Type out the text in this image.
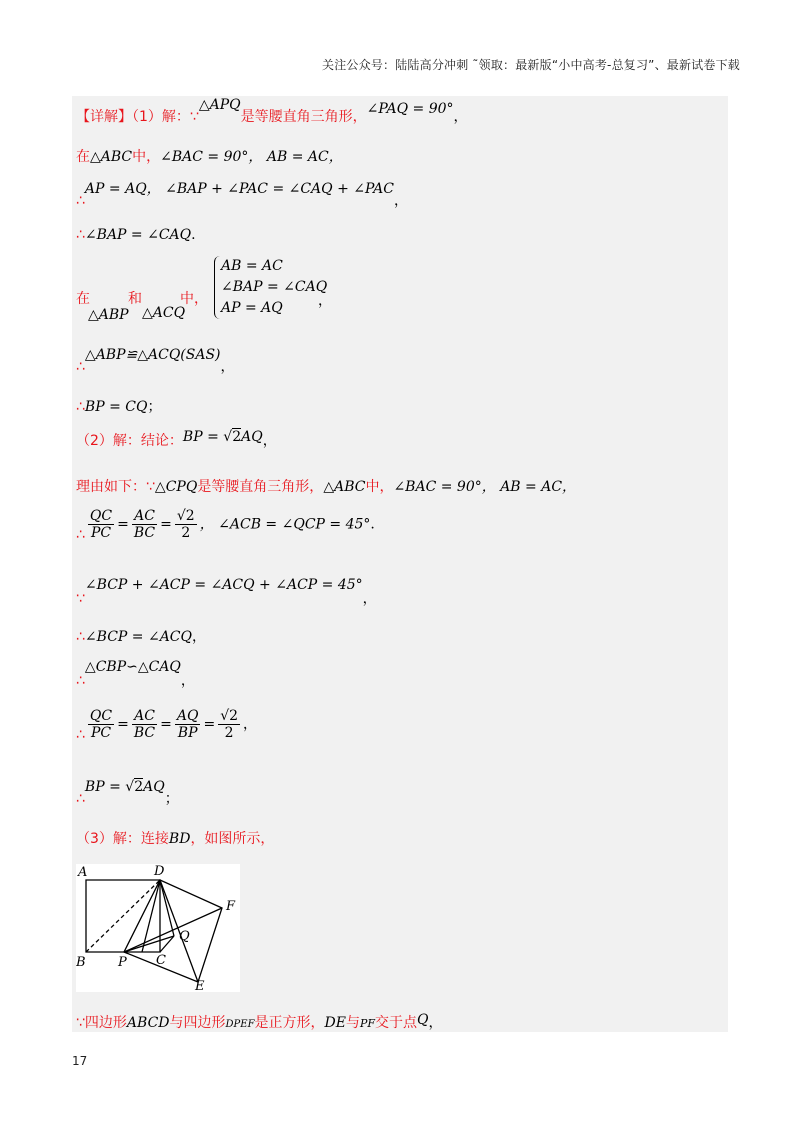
关注公众号：陆陆高分冲刺 ˜领取：最新版“小中高考-总复习”、最新试卷下载
【详解】（1）解：∵△APQ是等腰直角三角形，∠PAQ = 90°，
在△ABC中，∠BAC = 90°， AB = AC，
∴AP = AQ， ∠BAP + ∠PAC = ∠CAQ + ∠PAC，
∴∠BAP = ∠CAQ.
在
△ABP
和
△ACQ
中，
AB = AC
∠BAP = ∠CAQ
AP = AQ	，
∴△ABP≌△ACQ(SAS)，
∴BP = CQ；
（2）解：结论：BP = √2AQ，
理由如下：∵△CPQ是等腰直角三角形，△ABC中，∠BAC = 90°， AB = AC，
∴ $\frac{QC}{PC} = \frac{AC}{BC} = \frac{√2}{2}$ ， ∠ACB = ∠QCP = 45°.
∵∠BCP + ∠ACP = ∠ACQ + ∠ACP = 45°，
∴∠BCP = ∠ACQ，
∴△CBP∽△CAQ，
∴ $\frac{QC}{PC} = \frac{AC}{BC} = \frac{AQ}{BP} = \frac{√2}{2}$ ，
∴BP = √2AQ；
（3）解：连接BD，如图所示，
A	D
F
Q
B P C
E
∵四边形ABCD与四边形DPEF是正方形，DE与PF交于点Q，
17
